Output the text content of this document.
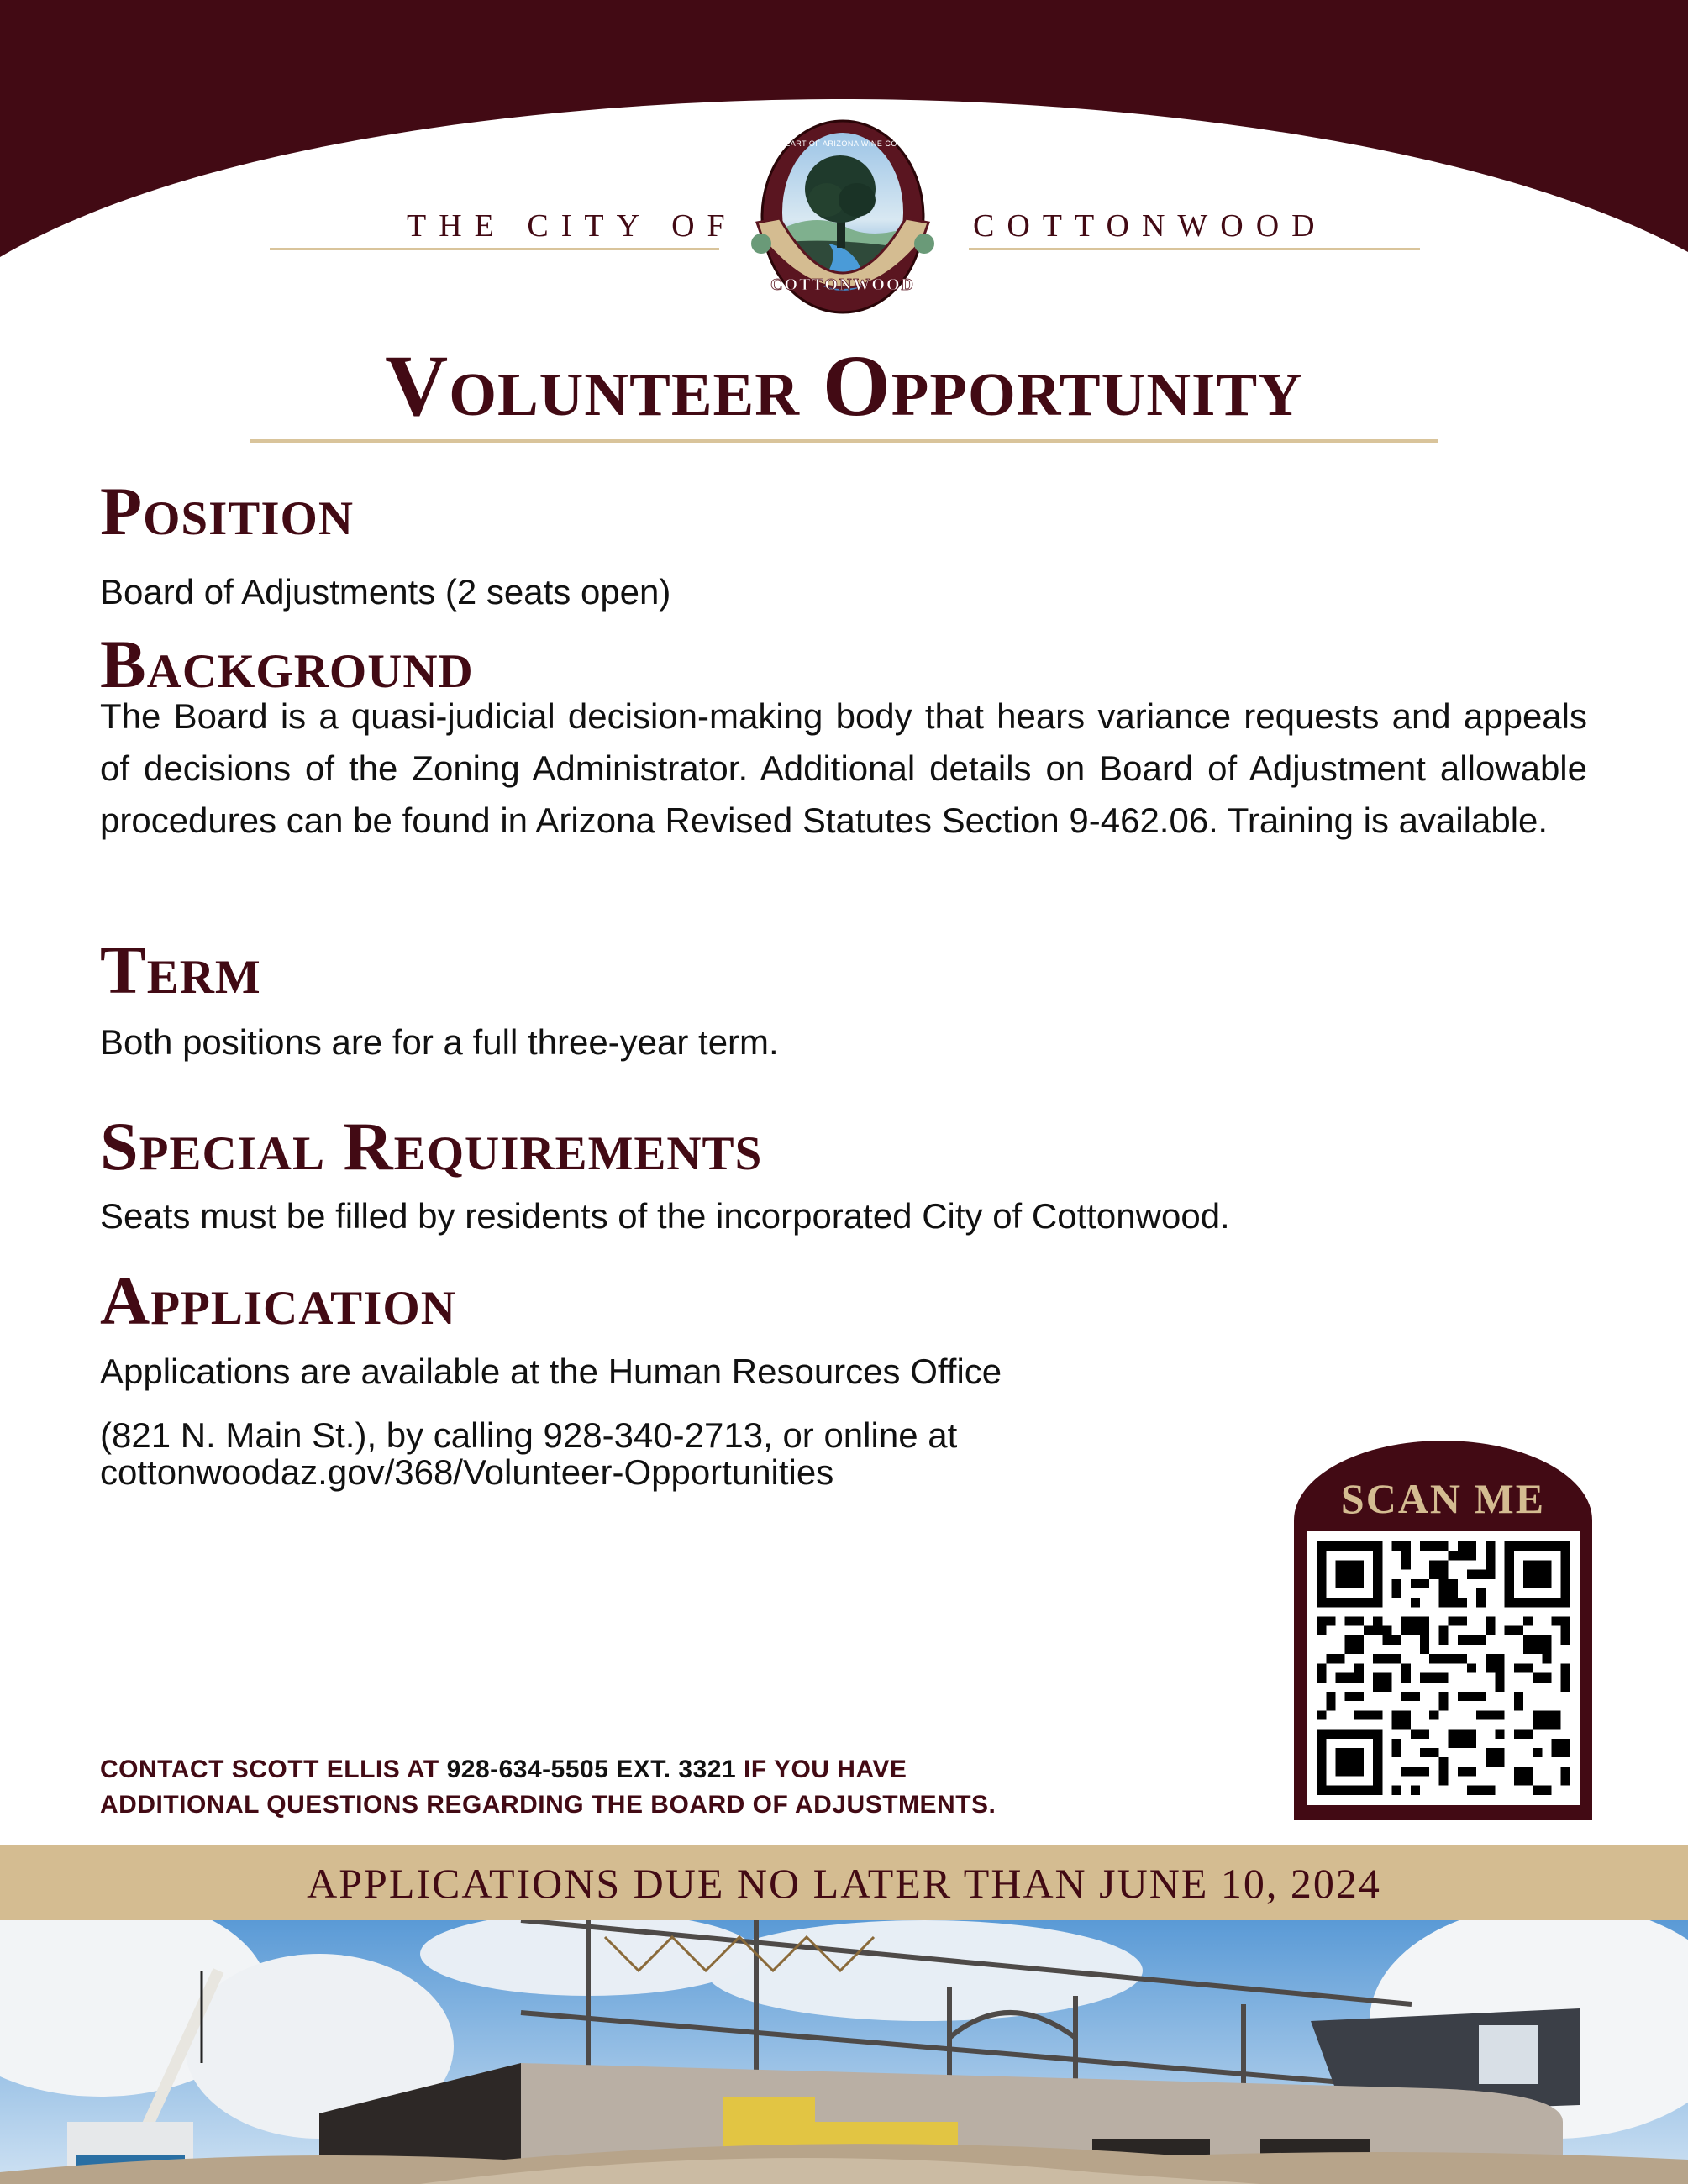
THE CITY OF	COTTONWOOD
COTTONWOOD
THE HEART OF ARIZONA WINE COUNTRY
Volunteer Opportunity
Position
Board of Adjustments (2 seats open)
Background
The Board is a quasi-judicial decision-making body that hears variance requests and appeals of decisions of the Zoning Administrator. Additional details on Board of Adjustment allowable procedures can be found in Arizona Revised Statutes Section 9-462.06. Training is available.
Term
Both positions are for a full three-year term.
Special Requirements
Seats must be filled by residents of the incorporated City of Cottonwood.
Application
Applications are available at the Human Resources Office
(821 N. Main St.), by calling 928-340-2713, or online at
cottonwoodaz.gov/368/Volunteer-Opportunities
CONTACT SCOTT ELLIS AT 928-634-5505 EXT. 3321 IF YOU HAVE
ADDITIONAL QUESTIONS REGARDING THE BOARD OF ADJUSTMENTS.
SCAN ME
APPLICATIONS DUE NO LATER THAN JUNE 10, 2024
